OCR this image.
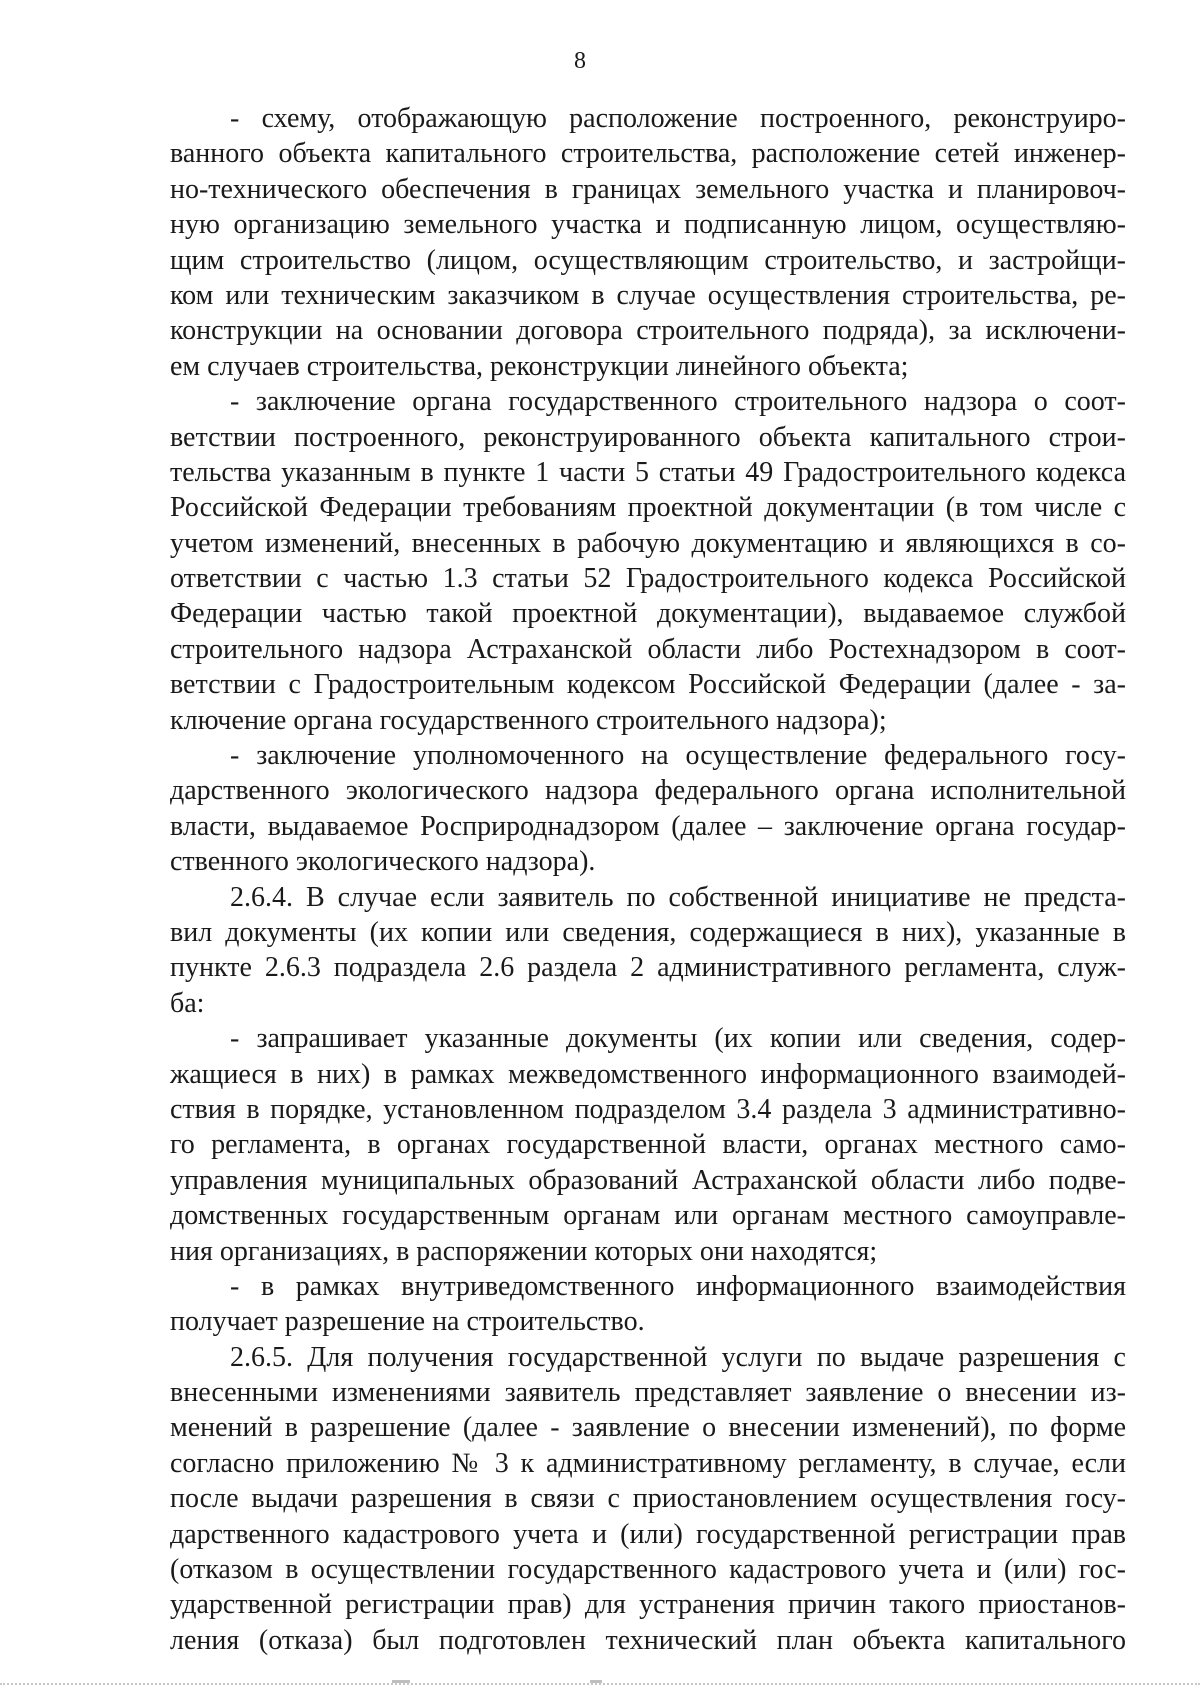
8
- схему, отображающую расположение построенного, реконструиро-
ванного объекта капитального строительства, расположение сетей инженер-
но-технического обеспечения в границах земельного участка и планировоч-
ную организацию земельного участка и подписанную лицом, осуществляю-
щим строительство (лицом, осуществляющим строительство, и застройщи-
ком или техническим заказчиком в случае осуществления строительства, ре-
конструкции на основании договора строительного подряда), за исключени-
ем случаев строительства, реконструкции линейного объекта;
- заключение органа государственного строительного надзора о соот-
ветствии построенного, реконструированного объекта капитального строи-
тельства указанным в пункте 1 части 5 статьи 49 Градостроительного кодекса
Российской Федерации требованиям проектной документации (в том числе с
учетом изменений, внесенных в рабочую документацию и являющихся в со-
ответствии с частью 1.3 статьи 52 Градостроительного кодекса Российской
Федерации частью такой проектной документации), выдаваемое службой
строительного надзора Астраханской области либо Ростехнадзором в соот-
ветствии с Градостроительным кодексом Российской Федерации (далее - за-
ключение органа государственного строительного надзора);
- заключение уполномоченного на осуществление федерального госу-
дарственного экологического надзора федерального органа исполнительной
власти, выдаваемое Росприроднадзором (далее – заключение органа государ-
ственного экологического надзора).
2.6.4. В случае если заявитель по собственной инициативе не предста-
вил документы (их копии или сведения, содержащиеся в них), указанные в
пункте 2.6.3 подраздела 2.6 раздела 2 административного регламента, служ-
ба:
- запрашивает указанные документы (их копии или сведения, содер-
жащиеся в них) в рамках межведомственного информационного взаимодей-
ствия в порядке, установленном подразделом 3.4 раздела 3 административно-
го регламента, в органах государственной власти, органах местного само-
управления муниципальных образований Астраханской области либо подве-
домственных государственным органам или органам местного самоуправле-
ния организациях, в распоряжении которых они находятся;
- в рамках внутриведомственного информационного взаимодействия
получает разрешение на строительство.
2.6.5. Для получения государственной услуги по выдаче разрешения с
внесенными изменениями заявитель представляет заявление о внесении из-
менений в разрешение (далее - заявление о внесении изменений), по форме
согласно приложению № 3 к административному регламенту, в случае, если
после выдачи разрешения в связи с приостановлением осуществления госу-
дарственного кадастрового учета и (или) государственной регистрации прав
(отказом в осуществлении государственного кадастрового учета и (или) гос-
ударственной регистрации прав) для устранения причин такого приостанов-
ления (отказа) был подготовлен технический план объекта капитального
